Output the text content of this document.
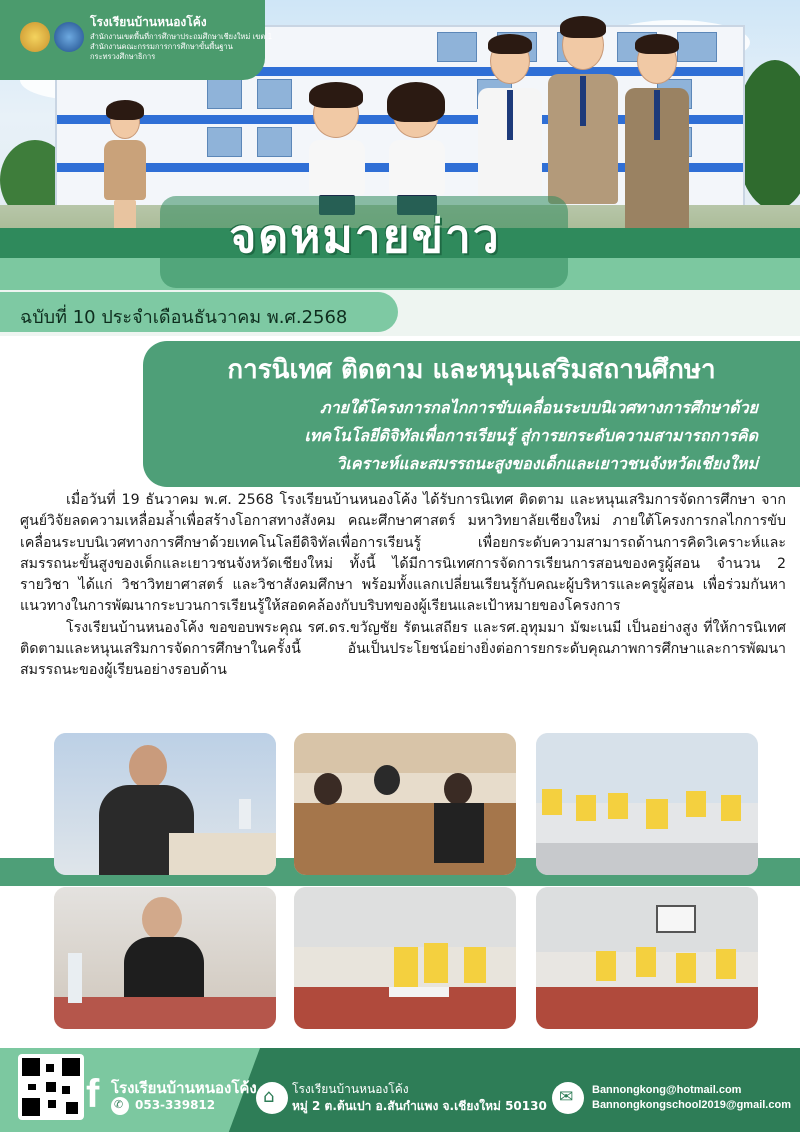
โรงเรียนบ้านหนองโค้ง
สำนักงานเขตพื้นที่การศึกษาประถมศึกษาเชียงใหม่ เขต 1
สำนักงานคณะกรรมการการศึกษาขั้นพื้นฐาน
กระทรวงศึกษาธิการ
จดหมายข่าว
ฉบับที่ 10 ประจำเดือนธันวาคม พ.ศ.2568
การนิเทศ ติดตาม และหนุนเสริมสถานศึกษา
ภายใต้โครงการกลไกการขับเคลื่อนระบบนิเวศทางการศึกษาด้วย
เทคโนโลยีดิจิทัลเพื่อการเรียนรู้ สู่การยกระดับความสามารถการคิด
วิเคราะห์และสมรรถนะสูงของเด็กและเยาวชนจังหวัดเชียงใหม่

เมื่อวันที่ 19 ธันวาคม พ.ศ. 2568 โรงเรียนบ้านหนองโค้ง ได้รับการนิเทศ ติดตาม และหนุนเสริมการจัดการศึกษา จากศูนย์วิจัยลดความเหลื่อมล้ำเพื่อสร้างโอกาสทางสังคม คณะศึกษาศาสตร์ มหาวิทยาลัยเชียงใหม่ ภายใต้โครงการกลไกการขับเคลื่อนระบบนิเวศทางการศึกษาด้วยเทคโนโลยีดิจิทัลเพื่อการเรียนรู้ เพื่อยกระดับความสามารถด้านการคิดวิเคราะห์และสมรรถนะขั้นสูงของเด็กและเยาวชนจังหวัดเชียงใหม่ ทั้งนี้ ได้มีการนิเทศการจัดการเรียนการสอนของครูผู้สอน จำนวน 2 รายวิชา ได้แก่ วิชาวิทยาศาสตร์ และวิชาสังคมศึกษา พร้อมทั้งแลกเปลี่ยนเรียนรู้กับคณะผู้บริหารและครูผู้สอน เพื่อร่วมกันหาแนวทางในการพัฒนากระบวนการเรียนรู้ให้สอดคล้องกับบริบทของผู้เรียนและเป้าหมายของโครงการ

โรงเรียนบ้านหนองโค้ง ขอขอบพระคุณ รศ.ดร.ขวัญชัย รัตนเสถียร และรศ.อุทุมมา มัฆะเนมี เป็นอย่างสูง ที่ให้การนิเทศ ติดตามและหนุนเสริมการจัดการศึกษาในครั้งนี้ อันเป็นประโยชน์อย่างยิ่งต่อการยกระดับคุณภาพการศึกษาและการพัฒนาสมรรถนะของผู้เรียนอย่างรอบด้าน

f โรงเรียนบ้านหนองโค้ง
✆ 053-339812	⌂ โรงเรียนบ้านหนองโค้ง
หมู่ 2 ต.ต้นเปา อ.สันกำแพง จ.เชียงใหม่ 50130 ✉ Bannongkong@hotmail.com
Bannongkongschool2019@gmail.com
